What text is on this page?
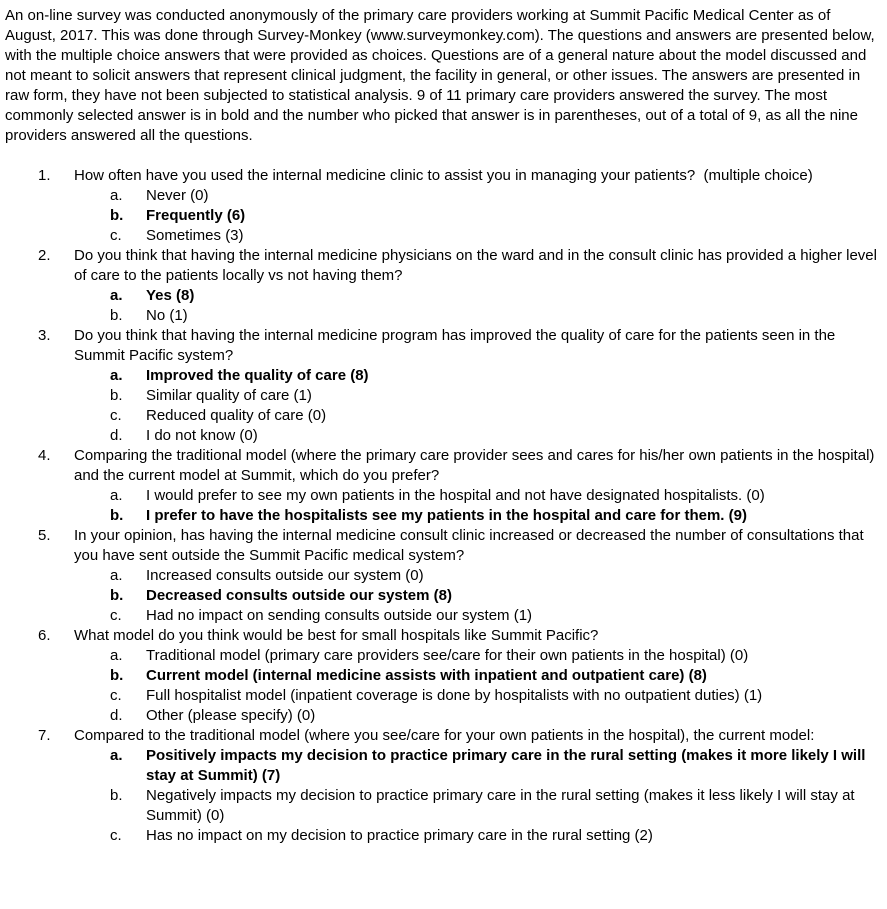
An on-line survey was conducted anonymously of the primary care providers working at Summit Pacific Medical Center as of August, 2017. This was done through Survey-Monkey (www.surveymonkey.com). The questions and answers are presented below, with the multiple choice answers that were provided as choices. Questions are of a general nature about the model discussed and not meant to solicit answers that represent clinical judgment, the facility in general, or other issues. The answers are presented in raw form, they have not been subjected to statistical analysis. 9 of 11 primary care providers answered the survey. The most commonly selected answer is in bold and the number who picked that answer is in parentheses, out of a total of 9, as all the nine providers answered all the questions.

1. How often have you used the internal medicine clinic to assist you in managing your patients?  (multiple choice)
a. Never (0)
b. Frequently (6)
c. Sometimes (3)
2. Do you think that having the internal medicine physicians on the ward and in the consult clinic has provided a higher level of care to the patients locally vs not having them?
a. Yes (8)
b. No (1)
3. Do you think that having the internal medicine program has improved the quality of care for the patients seen in the Summit Pacific system?
a. Improved the quality of care (8)
b. Similar quality of care (1)
c. Reduced quality of care (0)
d. I do not know (0)
4. Comparing the traditional model (where the primary care provider sees and cares for his/her own patients in the hospital) and the current model at Summit, which do you prefer?
a. I would prefer to see my own patients in the hospital and not have designated hospitalists. (0)
b. I prefer to have the hospitalists see my patients in the hospital and care for them. (9)
5. In your opinion, has having the internal medicine consult clinic increased or decreased the number of consultations that you have sent outside the Summit Pacific medical system?
a. Increased consults outside our system (0)
b. Decreased consults outside our system (8)
c. Had no impact on sending consults outside our system (1)
6. What model do you think would be best for small hospitals like Summit Pacific?
a. Traditional model (primary care providers see/care for their own patients in the hospital) (0)
b. Current model (internal medicine assists with inpatient and outpatient care) (8)
c. Full hospitalist model (inpatient coverage is done by hospitalists with no outpatient duties) (1)
d. Other (please specify) (0)
7. Compared to the traditional model (where you see/care for your own patients in the hospital), the current model:
a. Positively impacts my decision to practice primary care in the rural setting (makes it more likely I will stay at Summit) (7)
b. Negatively impacts my decision to practice primary care in the rural setting (makes it less likely I will stay at Summit) (0)
c. Has no impact on my decision to practice primary care in the rural setting (2)
